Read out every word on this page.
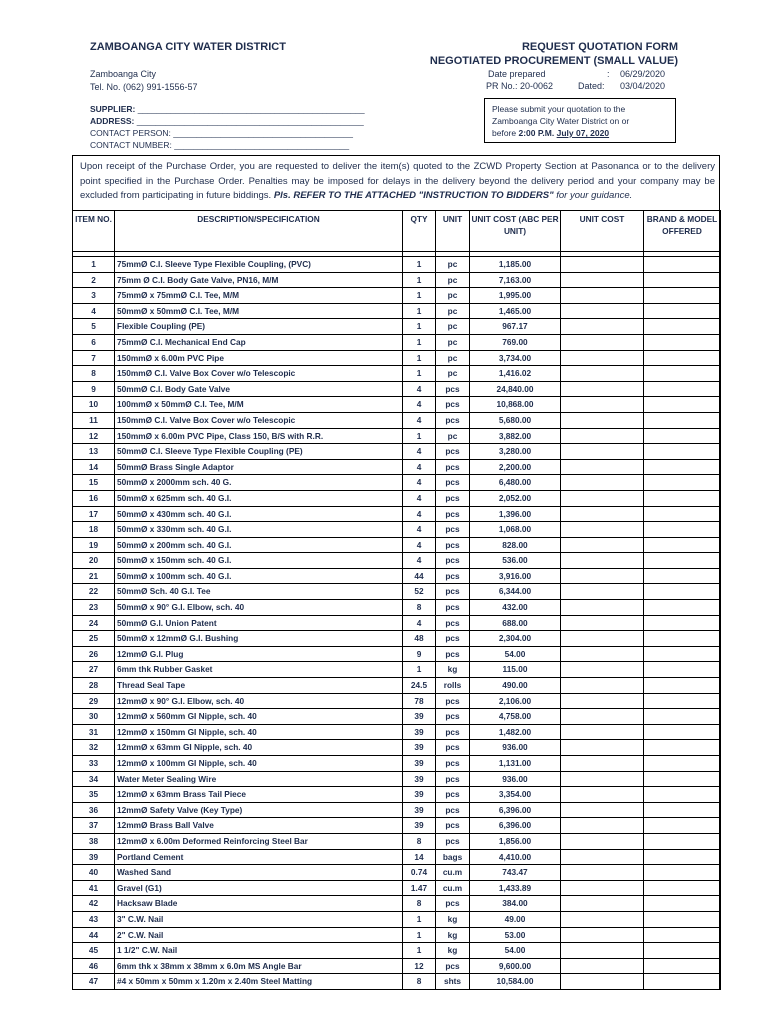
ZAMBOANGA CITY WATER DISTRICT
Zamboanga City
Tel. No. (062) 991-1556-57
REQUEST QUOTATION FORM
NEGOTIATED PROCUREMENT (SMALL VALUE)
Date prepared	: 06/29/2020
PR No.: 20-0062	Dated: 03/04/2020
SUPPLIER: ________________________________________________
ADDRESS: ________________________________________________
CONTACT PERSON: ______________________________________
CONTACT NUMBER: _____________________________________
Please submit your quotation to the
Zamboanga City Water District on or
before 2:00 P.M. July 07, 2020
Upon receipt of the Purchase Order, you are requested to deliver the item(s) quoted to the ZCWD Property Section at Pasonanca or to the delivery point specified in the Purchase Order. Penalties may be imposed for delays in the delivery beyond the delivery period and your company may be excluded from participating in future biddings. Pls. REFER TO THE ATTACHED "INSTRUCTION TO BIDDERS" for your guidance.
ITEM NO.	DESCRIPTION/SPECIFICATION	QTY	UNIT	UNIT COST (ABC PER UNIT)	UNIT COST	BRAND & MODEL OFFERED

1	75mmØ C.I. Sleeve Type Flexible Coupling, (PVC)	1	pc	1,185.00		
2	75mm Ø C.I. Body Gate Valve, PN16, M/M	1	pc	7,163.00		
3	75mmØ x 75mmØ C.I. Tee, M/M	1	pc	1,995.00		
4	50mmØ x 50mmØ C.I. Tee, M/M	1	pc	1,465.00		
5	Flexible Coupling (PE)	1	pc	967.17		
6	75mmØ C.I. Mechanical End Cap	1	pc	769.00		
7	150mmØ x 6.00m PVC Pipe	1	pc	3,734.00		
8	150mmØ C.I. Valve Box Cover w/o Telescopic	1	pc	1,416.02		
9	50mmØ C.I. Body Gate Valve	4	pcs	24,840.00		
10	100mmØ x 50mmØ C.I. Tee, M/M	4	pcs	10,868.00		
11	150mmØ C.I. Valve Box Cover w/o Telescopic	4	pcs	5,680.00		
12	150mmØ x 6.00m PVC Pipe, Class 150, B/S with R.R.	1	pc	3,882.00		
13	50mmØ C.I. Sleeve Type Flexible Coupling (PE)	4	pcs	3,280.00		
14	50mmØ Brass Single Adaptor	4	pcs	2,200.00		
15	50mmØ x 2000mm sch. 40 G.	4	pcs	6,480.00		
16	50mmØ x 625mm sch. 40 G.I.	4	pcs	2,052.00		
17	50mmØ x 430mm sch. 40 G.I.	4	pcs	1,396.00		
18	50mmØ x 330mm sch. 40 G.I.	4	pcs	1,068.00		
19	50mmØ x 200mm sch. 40 G.I.	4	pcs	828.00		
20	50mmØ x 150mm sch. 40 G.I.	4	pcs	536.00		
21	50mmØ x 100mm sch. 40 G.I.	44	pcs	3,916.00		
22	50mmØ Sch. 40 G.I. Tee	52	pcs	6,344.00		
23	50mmØ x 90° G.I. Elbow, sch. 40	8	pcs	432.00		
24	50mmØ G.I. Union Patent	4	pcs	688.00		
25	50mmØ x 12mmØ G.I. Bushing	48	pcs	2,304.00		
26	12mmØ G.I. Plug	9	pcs	54.00		
27	6mm thk Rubber Gasket	1	kg	115.00		
28	Thread Seal Tape	24.5	rolls	490.00		
29	12mmØ x 90° G.I. Elbow, sch. 40	78	pcs	2,106.00		
30	12mmØ x 560mm GI Nipple, sch. 40	39	pcs	4,758.00		
31	12mmØ x 150mm GI Nipple, sch. 40	39	pcs	1,482.00		
32	12mmØ x 63mm GI Nipple, sch. 40	39	pcs	936.00		
33	12mmØ x 100mm GI Nipple, sch. 40	39	pcs	1,131.00		
34	Water Meter Sealing Wire	39	pcs	936.00		
35	12mmØ x 63mm Brass Tail Piece	39	pcs	3,354.00		
36	12mmØ Safety Valve (Key Type)	39	pcs	6,396.00		
37	12mmØ Brass Ball Valve	39	pcs	6,396.00		
38	12mmØ x 6.00m Deformed Reinforcing Steel Bar	8	pcs	1,856.00		
39	Portland Cement	14	bags	4,410.00		
40	Washed Sand	0.74	cu.m	743.47		
41	Gravel (G1)	1.47	cu.m	1,433.89		
42	Hacksaw Blade	8	pcs	384.00		
43	3" C.W. Nail	1	kg	49.00		
44	2" C.W. Nail	1	kg	53.00		
45	1 1/2" C.W. Nail	1	kg	54.00		
46	6mm thk x 38mm x 38mm x 6.0m MS Angle Bar	12	pcs	9,600.00		
47	#4 x 50mm x 50mm x 1.20m x 2.40m Steel Matting	8	shts	10,584.00		
